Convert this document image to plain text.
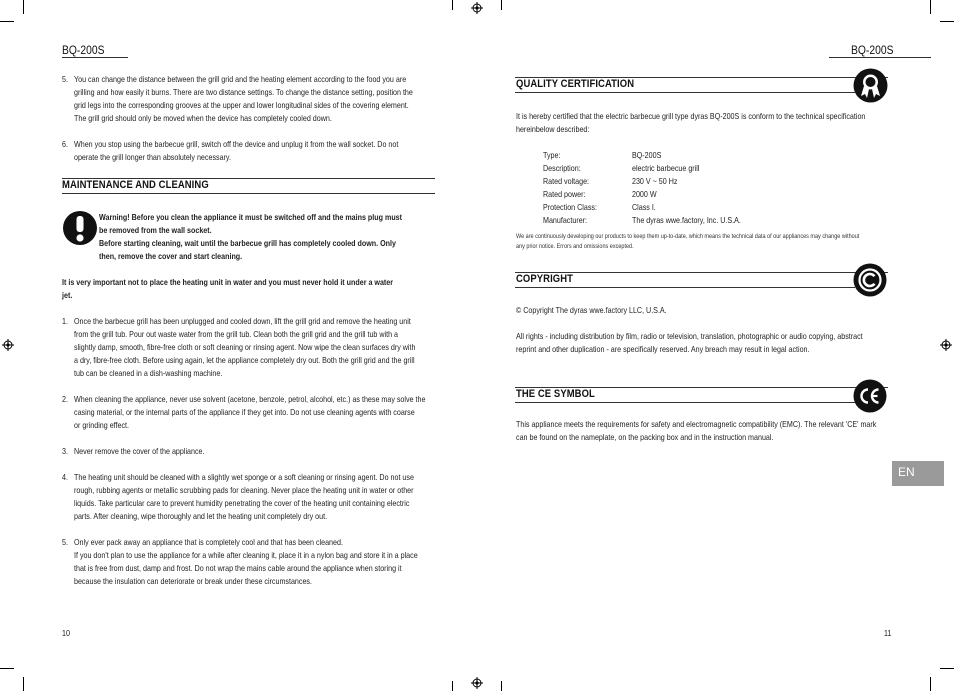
BQ-200S
5. You can change the distance between the grill grid and the heating element according to the food you are
grilling and how easily it burns. There are two distance settings. To change the distance setting, position the
grid legs into the corresponding grooves at the upper and lower longitudinal sides of the covering element.
The grill grid should only be moved when the device has completely cooled down.
6. When you stop using the barbecue grill, switch off the device and unplug it from the wall socket. Do not
operate the grill longer than absolutely necessary.
MAINTENANCE AND CLEANING
Warning! Before you clean the appliance it must be switched off and the mains plug must
be removed from the wall socket.
Before starting cleaning, wait until the barbecue grill has completely cooled down. Only
then, remove the cover and start cleaning.
It is very important not to place the heating unit in water and you must never hold it under a water
jet.
1. Once the barbecue grill has been unplugged and cooled down, lift the grill grid and remove the heating unit
from the grill tub. Pour out waste water from the grill tub. Clean both the grill grid and the grill tub with a
slightly damp, smooth, fibre-free cloth or soft cleaning or rinsing agent. Now wipe the clean surfaces dry with
a dry, fibre-free cloth. Before using again, let the appliance completely dry out. Both the grill grid and the grill
tub can be cleaned in a dish-washing machine.
2. When cleaning the appliance, never use solvent (acetone, benzole, petrol, alcohol, etc.) as these may solve the
casing material, or the internal parts of the appliance if they get into. Do not use cleaning agents with coarse
or grinding effect.
3. Never remove the cover of the appliance.
4. The heating unit should be cleaned with a slightly wet sponge or a soft cleaning or rinsing agent. Do not use
rough, rubbing agents or metallic scrubbing pads for cleaning. Never place the heating unit in water or other
liquids. Take particular care to prevent humidity penetrating the cover of the heating unit containing electric
parts. After cleaning, wipe thoroughly and let the heating unit completely dry out.
5. Only ever pack away an appliance that is completely cool and that has been cleaned.
If you don't plan to use the appliance for a while after cleaning it, place it in a nylon bag and store it in a place
that is free from dust, damp and frost. Do not wrap the mains cable around the appliance when storing it
because the insulation can deteriorate or break under these circumstances.
10
BQ-200S
QUALITY CERTIFICATION
It is hereby certified that the electric barbecue grill type dyras BQ-200S is conform to the technical specification
hereinbelow described:
Type:	BQ-200S
Description:	electric barbecue grill
Rated voltage:	230 V ~ 50 Hz
Rated power:	2000 W
Protection Class:	Class I.
Manufacturer:	The dyras wwe.factory, Inc. U.S.A.
We are continuously developing our products to keep them up-to-date, which means the technical data of our appliances may change without
any prior notice. Errors and omissions excepted.
COPYRIGHT
© Copyright The dyras wwe.factory LLC, U.S.A.
All rights - including distribution by film, radio or television, translation, photographic or audio copying, abstract
reprint and other duplication - are specifically reserved. Any breach may result in legal action.
THE CE SYMBOL
This appliance meets the requirements for safety and electromagnetic compatibility (EMC). The relevant 'CE' mark
can be found on the nameplate, on the packing box and in the instruction manual.
EN
11
